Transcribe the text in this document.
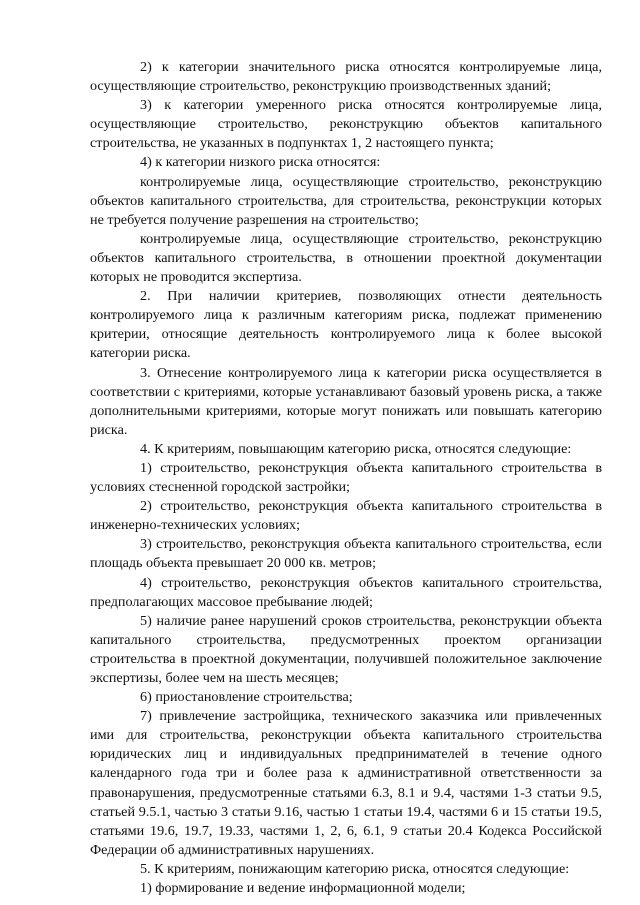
2) к категории значительного риска относятся контролируемые лица, осуществляющие строительство, реконструкцию производственных зданий;

3) к категории умеренного риска относятся контролируемые лица, осуществляющие строительство, реконструкцию объектов капитального строительства, не указанных в подпунктах 1, 2 настоящего пункта;

4) к категории низкого риска относятся:

контролируемые лица, осуществляющие строительство, реконструкцию объектов капитального строительства, для строительства, реконструкции которых не требуется получение разрешения на строительство;

контролируемые лица, осуществляющие строительство, реконструкцию объектов капитального строительства, в отношении проектной документации которых не проводится экспертиза.

2. При наличии критериев, позволяющих отнести деятельность контролируемого лица к различным категориям риска, подлежат применению критерии, относящие деятельность контролируемого лица к более высокой категории риска.

3. Отнесение контролируемого лица к категории риска осуществляется в соответствии с критериями, которые устанавливают базовый уровень риска, а также дополнительными критериями, которые могут понижать или повышать категорию риска.

4. К критериям, повышающим категорию риска, относятся следующие:

1) строительство, реконструкция объекта капитального строительства в условиях стесненной городской застройки;

2) строительство, реконструкция объекта капитального строительства в инженерно-технических условиях;

3) строительство, реконструкция объекта капитального строительства, если площадь объекта превышает 20 000 кв. метров;

4) строительство, реконструкция объектов капитального строительства, предполагающих массовое пребывание людей;

5) наличие ранее нарушений сроков строительства, реконструкции объекта капитального строительства, предусмотренных проектом организации строительства в проектной документации, получившей положительное заключение экспертизы, более чем на шесть месяцев;

6) приостановление строительства;

7) привлечение застройщика, технического заказчика или привлеченных ими для строительства, реконструкции объекта капитального строительства юридических лиц и индивидуальных предпринимателей в течение одного календарного года три и более раза к административной ответственности за правонарушения, предусмотренные статьями 6.3, 8.1 и 9.4, частями 1-3 статьи 9.5, статьей 9.5.1, частью 3 статьи 9.16, частью 1 статьи 19.4, частями 6 и 15 статьи 19.5, статьями 19.6, 19.7, 19.33, частями 1, 2, 6, 6.1, 9 статьи 20.4 Кодекса Российской Федерации об административных нарушениях.

5. К критериям, понижающим категорию риска, относятся следующие:

1) формирование и ведение информационной модели;
